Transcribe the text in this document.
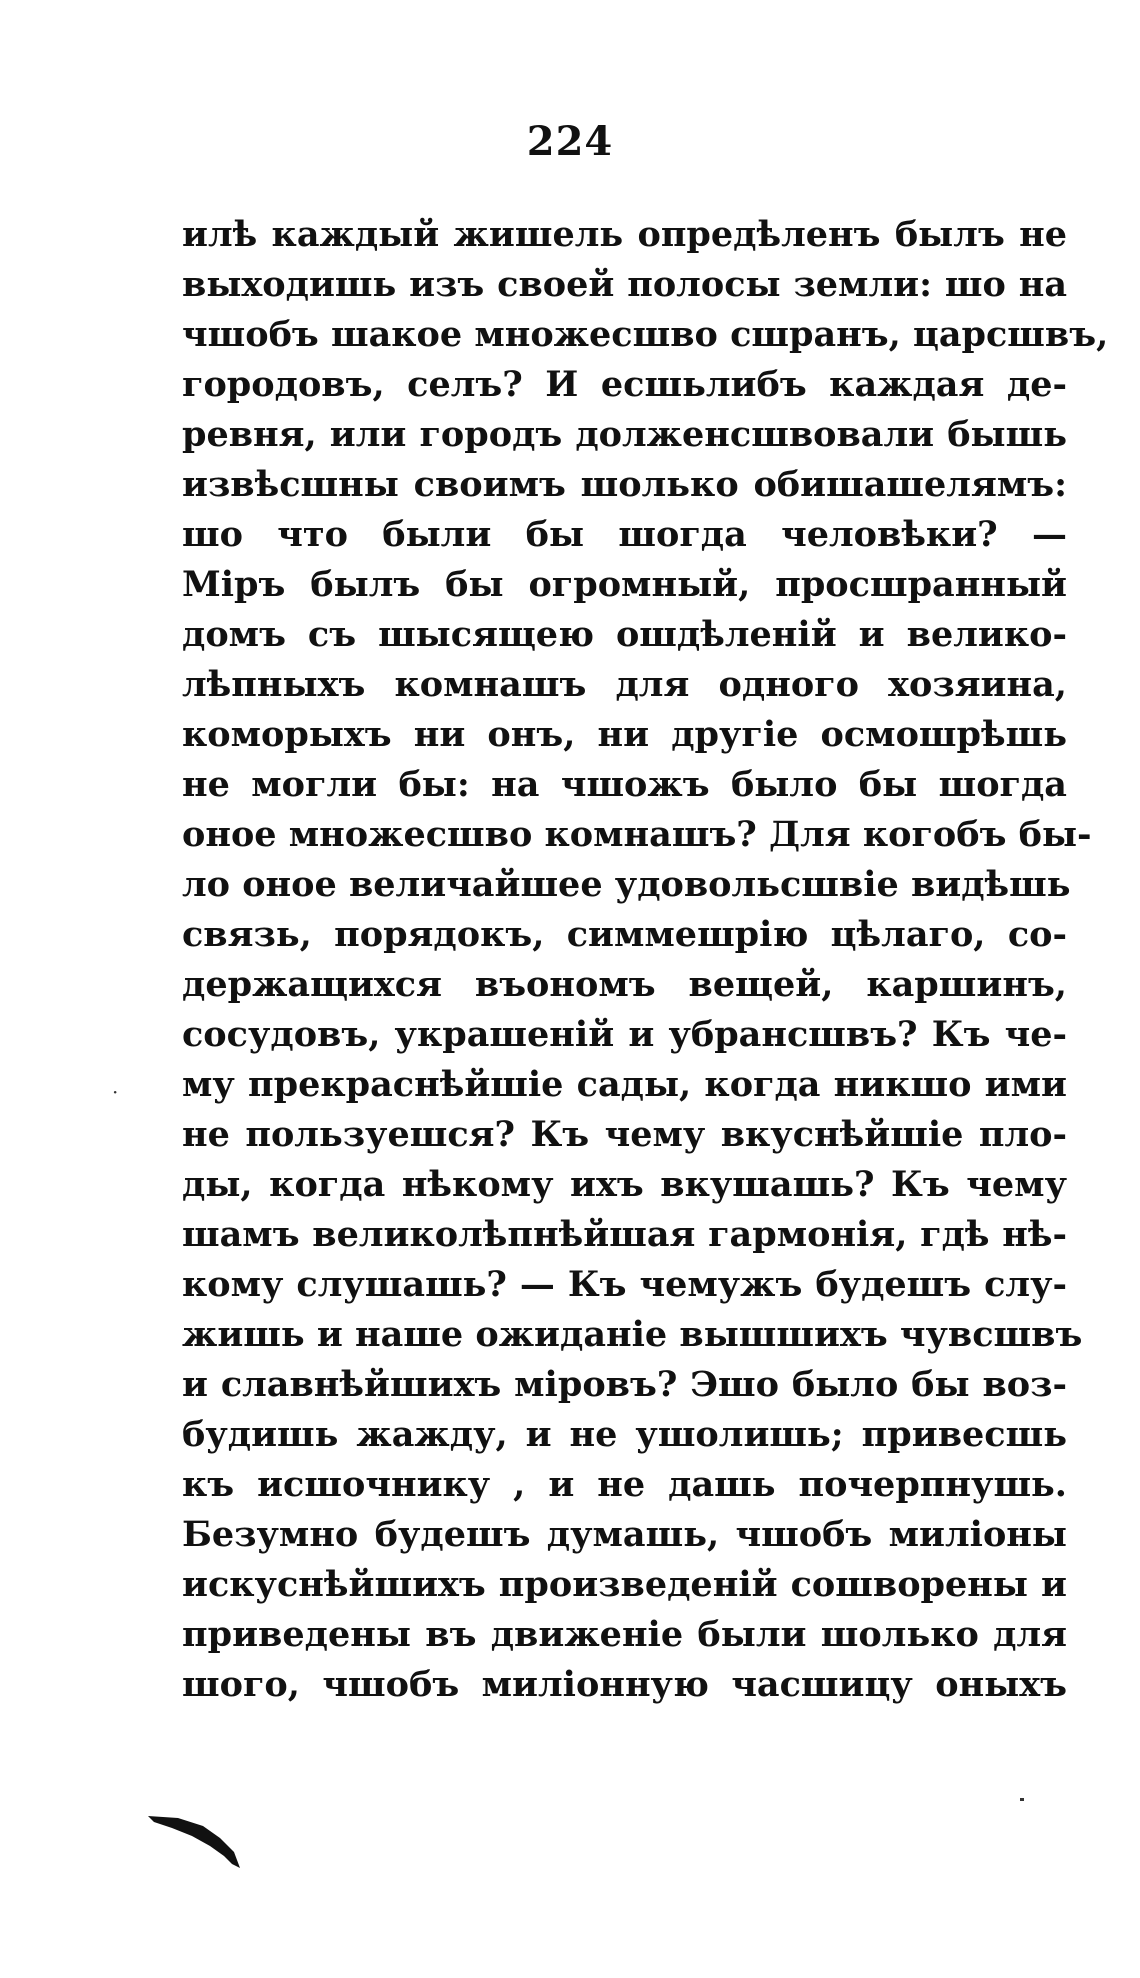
224
илѣ каждый жишель опредѣленъ былъ не
выходишь изъ своей полосы земли: шо на
чшобъ шакое множесшво сшранъ, царсшвъ,
городовъ, селъ? И есшьлибъ каждая де-
ревня, или городъ долженсшвовали бышь
извѣсшны своимъ шолько обишашелямъ:
шо что были бы шогда человѣки? —
Міръ былъ бы огромный, просшранный
домъ съ шысящею ошдѣленій и велико-
лѣпныхъ комнашъ для одного хозяина,
коморыхъ ни онъ, ни другіе осмошрѣшь
не могли бы: на чшожъ было бы шогда
оное множесшво комнашъ? Для когобъ бы-
ло оное величайшее удовольсшвіе видѣшь
связь, порядокъ, симмешрію цѣлаго, со-
держащихся въономъ вещей, каршинъ,
сосудовъ, украшеній и убрансшвъ? Къ че-
му прекраснѣйшіе сады, когда никшо ими
не пользуешся? Къ чему вкуснѣйшіе пло-
ды, когда нѣкому ихъ вкушашь? Къ чему
шамъ великолѣпнѣйшая гармонія, гдѣ нѣ-
кому слушашь? — Къ чемужъ будешъ слу-
жишь и наше ожиданіе вышшихъ чувсшвъ
и славнѣйшихъ міровъ? Эшо было бы воз-
будишь жажду, и не ушолишь; привесшь
къ исшочнику , и не дашь почерпнушь.
Безумно будешъ думашь, чшобъ миліоны
искуснѣйшихъ произведеній сошворены и
приведены въ движеніе были шолько для
шого, чшобъ миліонную часшицу оныхъ
·
